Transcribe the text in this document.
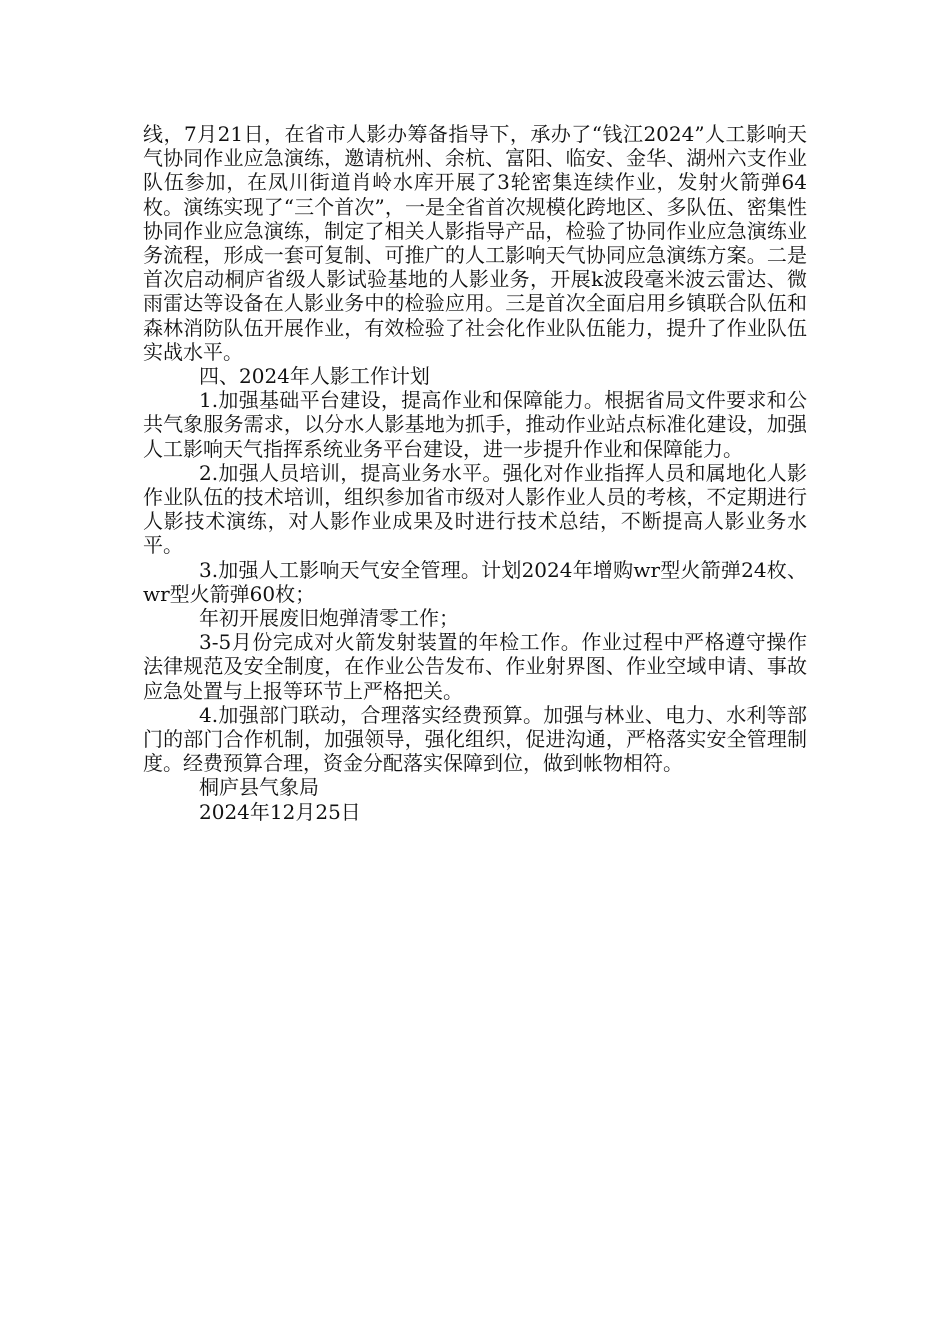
线，7月21日，在省市人影办筹备指导下，承办了“钱江2024”人工影响天气协同作业应急演练，邀请杭州、余杭、富阳、临安、金华、湖州六支作业队伍参加，在凤川街道肖岭水库开展了3轮密集连续作业，发射火箭弹64枚。演练实现了“三个首次”，一是全省首次规模化跨地区、多队伍、密集性协同作业应急演练，制定了相关人影指导产品，检验了协同作业应急演练业务流程，形成一套可复制、可推广的人工影响天气协同应急演练方案。二是首次启动桐庐省级人影试验基地的人影业务，开展k波段毫米波云雷达、微雨雷达等设备在人影业务中的检验应用。三是首次全面启用乡镇联合队伍和森林消防队伍开展作业，有效检验了社会化作业队伍能力，提升了作业队伍实战水平。

四、2024年人影工作计划

1.加强基础平台建设，提高作业和保障能力。根据省局文件要求和公共气象服务需求，以分水人影基地为抓手，推动作业站点标准化建设，加强人工影响天气指挥系统业务平台建设，进一步提升作业和保障能力。

2.加强人员培训，提高业务水平。强化对作业指挥人员和属地化人影作业队伍的技术培训，组织参加省市级对人影作业人员的考核，不定期进行人影技术演练，对人影作业成果及时进行技术总结，不断提高人影业务水平。

3.加强人工影响天气安全管理。计划2024年增购wr型火箭弹24枚、wr型火箭弹60枚；

年初开展废旧炮弹清零工作；

3-5月份完成对火箭发射装置的年检工作。作业过程中严格遵守操作法律规范及安全制度，在作业公告发布、作业射界图、作业空域申请、事故应急处置与上报等环节上严格把关。

4.加强部门联动，合理落实经费预算。加强与林业、电力、水利等部门的部门合作机制，加强领导，强化组织，促进沟通，严格落实安全管理制度。经费预算合理，资金分配落实保障到位，做到帐物相符。

桐庐县气象局

2024年12月25日
